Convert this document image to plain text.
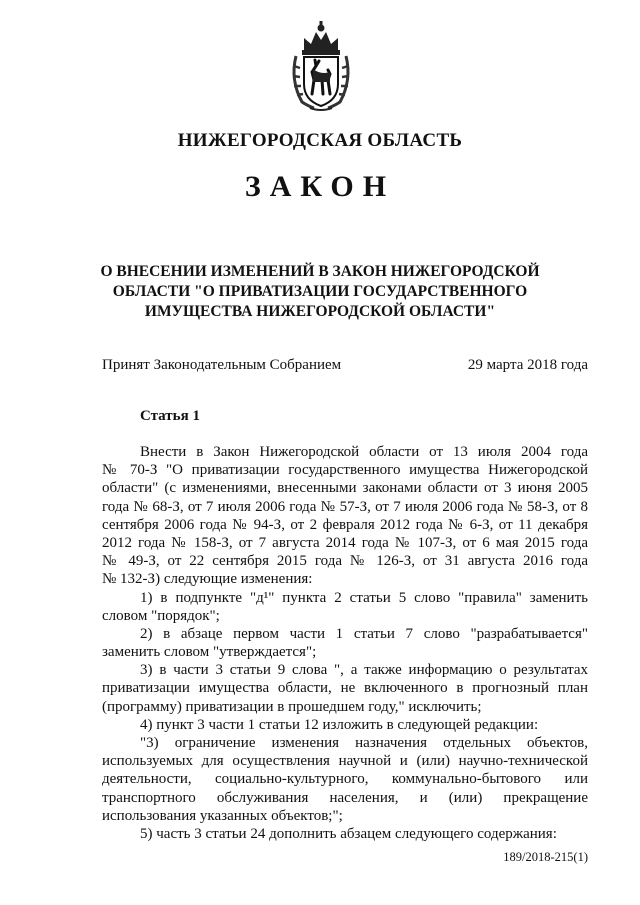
НИЖЕГОРОДСКАЯ ОБЛАСТЬ
ЗАКОН
О ВНЕСЕНИИ ИЗМЕНЕНИЙ В ЗАКОН НИЖЕГОРОДСКОЙ
ОБЛАСТИ "О ПРИВАТИЗАЦИИ ГОСУДАРСТВЕННОГО
ИМУЩЕСТВА НИЖЕГОРОДСКОЙ ОБЛАСТИ"
Принят Законодательным Собранием	29 марта 2018 года
Статья 1
Внести в Закон Нижегородской области от 13 июля 2004 года
№ 70-З "О приватизации государственного имущества Нижегородской
области" (с изменениями, внесенными законами области от 3 июня 2005
года № 68-З, от 7 июля 2006 года № 57-З, от 7 июля 2006 года № 58-З, от 8
сентября 2006 года № 94-З, от 2 февраля 2012 года № 6-З, от 11 декабря
2012 года № 158-З, от 7 августа 2014 года № 107-З, от 6 мая 2015 года
№ 49-З, от 22 сентября 2015 года № 126-З, от 31 августа 2016 года
№ 132-З) следующие изменения:
1) в подпункте "д¹" пункта 2 статьи 5 слово "правила" заменить
словом "порядок";
2) в абзаце первом части 1 статьи 7 слово "разрабатывается"
заменить словом "утверждается";
3) в части 3 статьи 9 слова ", а также информацию о результатах
приватизации имущества области, не включенного в прогнозный план
(программу) приватизации в прошедшем году," исключить;
4) пункт 3 части 1 статьи 12 изложить в следующей редакции:
"3) ограничение изменения назначения отдельных объектов,
используемых для осуществления научной и (или) научно-технической
деятельности, социально-культурного, коммунально-бытового или
транспортного обслуживания населения, и (или) прекращение
использования указанных объектов;";
5) часть 3 статьи 24 дополнить абзацем следующего содержания:
189/2018-215(1)
